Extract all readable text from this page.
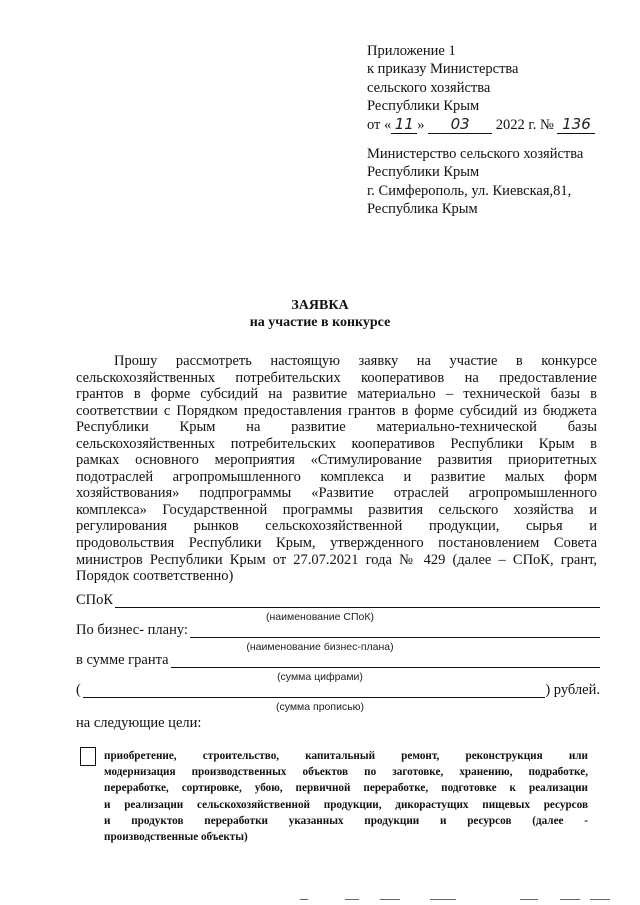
Приложение 1
к приказу Министерства
сельского хозяйства
Республики Крым
от « 11 » 03 2022 г. № 136
Министерство сельского хозяйства
Республики Крым
г. Симферополь, ул. Киевская,81,
Республика Крым
ЗАЯВКА
на участие в конкурсе
Прошу рассмотреть настоящую заявку на участие в конкурсе
сельскохозяйственных потребительских кооперативов на предоставление
грантов в форме субсидий на развитие материально – технической базы в
соответствии с Порядком предоставления грантов в форме субсидий из бюджета
Республики Крым на развитие материально-технической базы
сельскохозяйственных потребительских кооперативов Республики Крым в
рамках основного мероприятия «Стимулирование развития приоритетных
подотраслей агропромышленного комплекса и развитие малых форм
хозяйствования» подпрограммы «Развитие отраслей агропромышленного
комплекса» Государственной программы развития сельского хозяйства и
регулирования рынков сельскохозяйственной продукции, сырья и
продовольствия Республики Крым, утвержденного постановлением Совета
министров Республики Крым от 27.07.2021 года № 429 (далее – СПоК, грант,
Порядок соответственно)
СПоК
(наименование СПоК)
По бизнес- плану:
(наименование бизнес-плана)
в сумме гранта
(сумма цифрами)
(	) рублей.
(сумма прописью)
на следующие цели:
приобретение, строительство, капитальный ремонт, реконструкция или
модернизация производственных объектов по заготовке, хранению, подработке,
переработке, сортировке, убою, первичной переработке, подготовке к реализации
и реализации сельскохозяйственной продукции, дикорастущих пищевых ресурсов
и продуктов переработки указанных продукции и ресурсов (далее -
производственные объекты)
